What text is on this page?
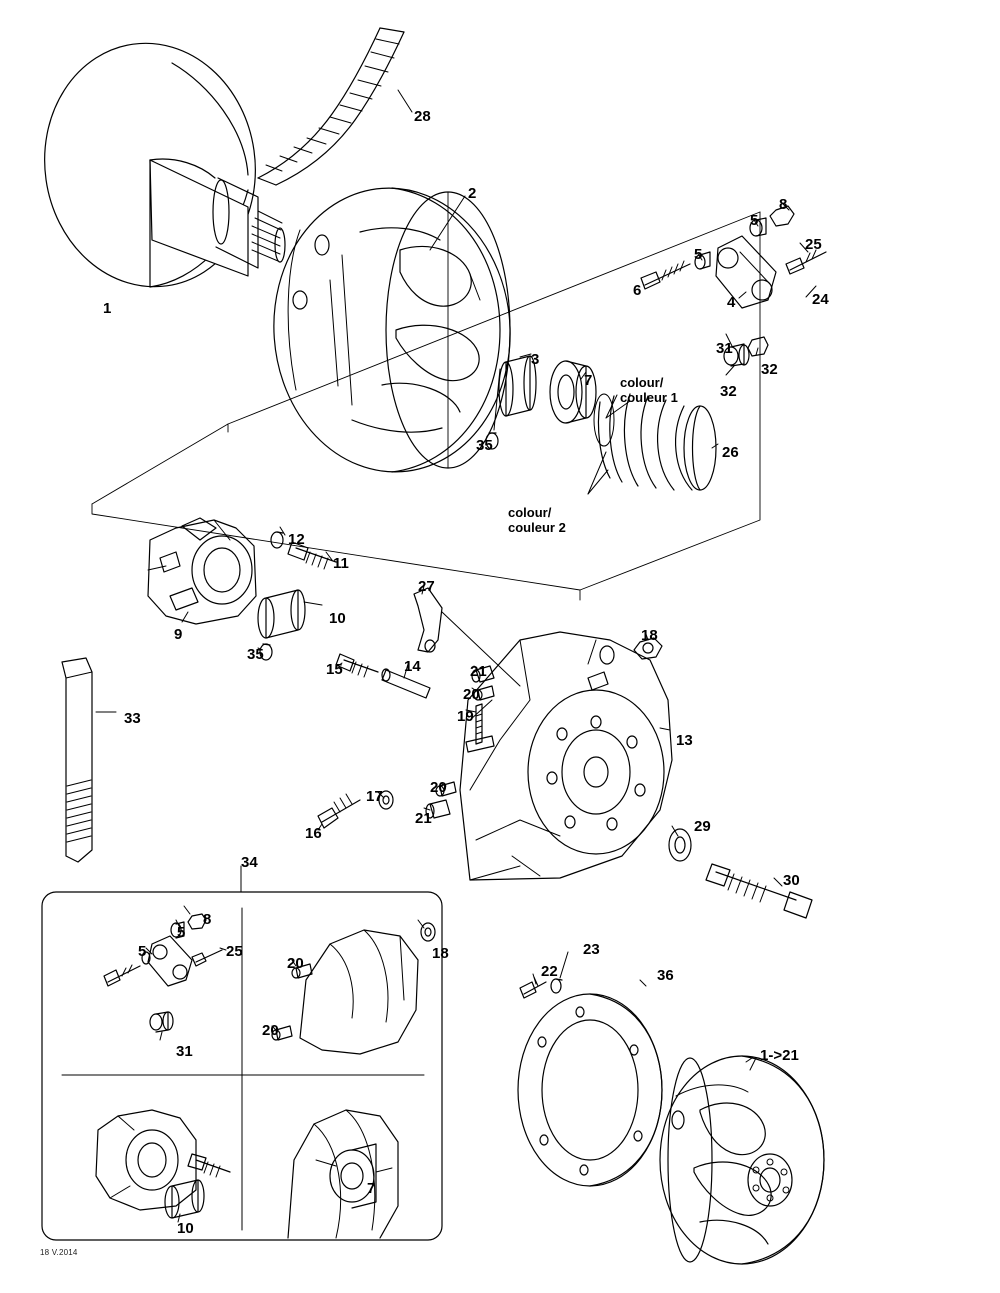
1
28
2
8
5
5
25
6
4	24
31
32
32
3
7
26
35
12
11
9
10
35
27
18
15	14	21
20
19
13
33
17
20
16
21	29
30
34
5
8
5	25
31
20
18
20
10
7
22
23
36
1->21
colour/
couleur 1
colour/
couleur 2
18 V.2014
